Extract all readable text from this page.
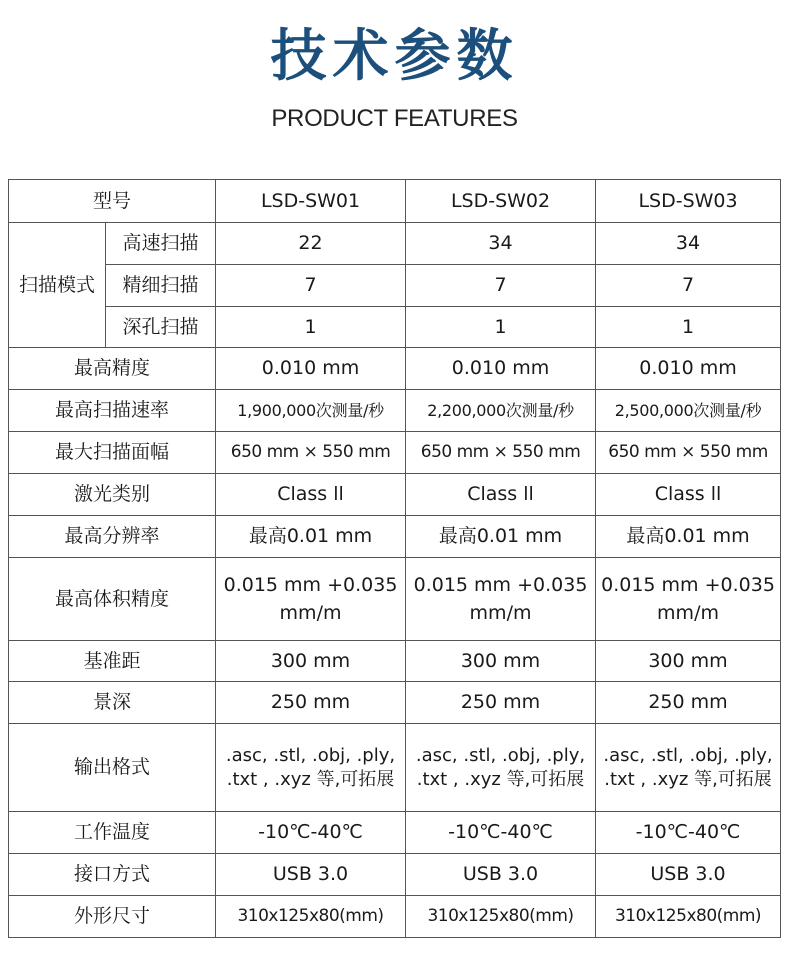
技术参数
PRODUCT FEATURES
型号		LSD-SW01	LSD-SW02	LSD-SW03
扫描模式	高速扫描	22	34	34
	精细扫描	7	7	7
	深孔扫描	1	1	1
最高精度		0.010 mm	0.010 mm	0.010 mm
最高扫描速率		1,900,000次测量/秒	2,200,000次测量/秒	2,500,000次测量/秒
最大扫描面幅		650 mm × 550 mm	650 mm × 550 mm	650 mm × 550 mm
激光类别		Class ll	Class ll	Class ll
最高分辨率		最高0.01 mm	最高0.01 mm	最高0.01 mm
最高体积精度		0.015 mm +0.035 mm/m	0.015 mm +0.035 mm/m	0.015 mm +0.035 mm/m
基准距		300 mm	300 mm	300 mm
景深		250 mm	250 mm	250 mm
输出格式		.asc, .stl, .obj, .ply, .txt , .xyz 等,可拓展	.asc, .stl, .obj, .ply, .txt , .xyz 等,可拓展	.asc, .stl, .obj, .ply, .txt , .xyz 等,可拓展
工作温度		-10℃-40℃	-10℃-40℃	-10℃-40℃
接口方式		USB 3.0	USB 3.0	USB 3.0
外形尺寸		310x125x80(mm)	310x125x80(mm)	310x125x80(mm)
